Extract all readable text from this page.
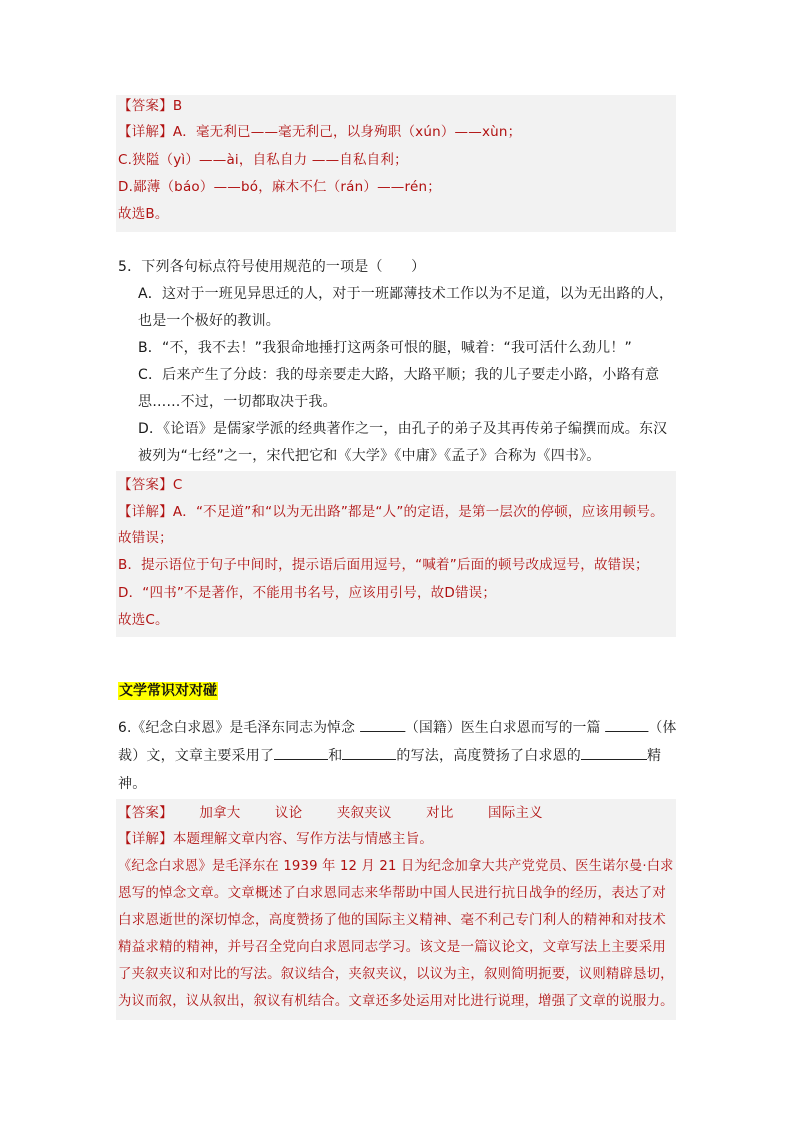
【答案】B
【详解】A．毫无利已——毫无利己，以身殉职（xún）——xùn；
C.狭隘（yì）——ài，自私自力 ——自私自利；
D.鄙薄（báo）——bó，麻木不仁（rán）——rén；
故选B。
5．下列各句标点符号使用规范的一项是（　　）
A．这对于一班见异思迁的人，对于一班鄙薄技术工作以为不足道，以为无出路的人，
也是一个极好的教训。
B．“不，我不去！”我狠命地捶打这两条可恨的腿，喊着：“我可活什么劲儿！”
C．后来产生了分歧：我的母亲要走大路，大路平顺；我的儿子要走小路，小路有意
思……不过，一切都取决于我。
D．《论语》是儒家学派的经典著作之一，由孔子的弟子及其再传弟子编撰而成。东汉
被列为“七经”之一，宋代把它和《大学》《中庸》《孟子》合称为《四书》。
【答案】C
【详解】A．“不足道”和“以为无出路”都是“人”的定语，是第一层次的停顿，应该用顿号。
故错误；
B．提示语位于句子中间时，提示语后面用逗号，“喊着”后面的顿号改成逗号，故错误；
D．“四书”不是著作，不能用书名号，应该用引号，故D错误；
故选C。
文学常识对对碰
6.《纪念白求恩》是毛泽东同志为悼念	（国籍）医生白求恩而写的一篇	（体
裁）文，文章主要采用了	和	的写法，高度赞扬了白求恩的	精
神。
【答案】 加拿大	议论	夹叙夹议	对比	国际主义
【详解】本题理解文章内容、写作方法与情感主旨。
《纪念白求恩》是毛泽东在 1939 年 12 月 21 日为纪念加拿大共产党党员、医生诺尔曼·白求
恩写的悼念文章。文章概述了白求恩同志来华帮助中国人民进行抗日战争的经历，表达了对
白求恩逝世的深切悼念，高度赞扬了他的国际主义精神、毫不利己专门利人的精神和对技术
精益求精的精神，并号召全党向白求恩同志学习。该文是一篇议论文，文章写法上主要采用
了夹叙夹议和对比的写法。叙议结合，夹叙夹议，以议为主，叙则简明扼要，议则精辟恳切，
为议而叙，议从叙出，叙议有机结合。文章还多处运用对比进行说理，增强了文章的说服力。
